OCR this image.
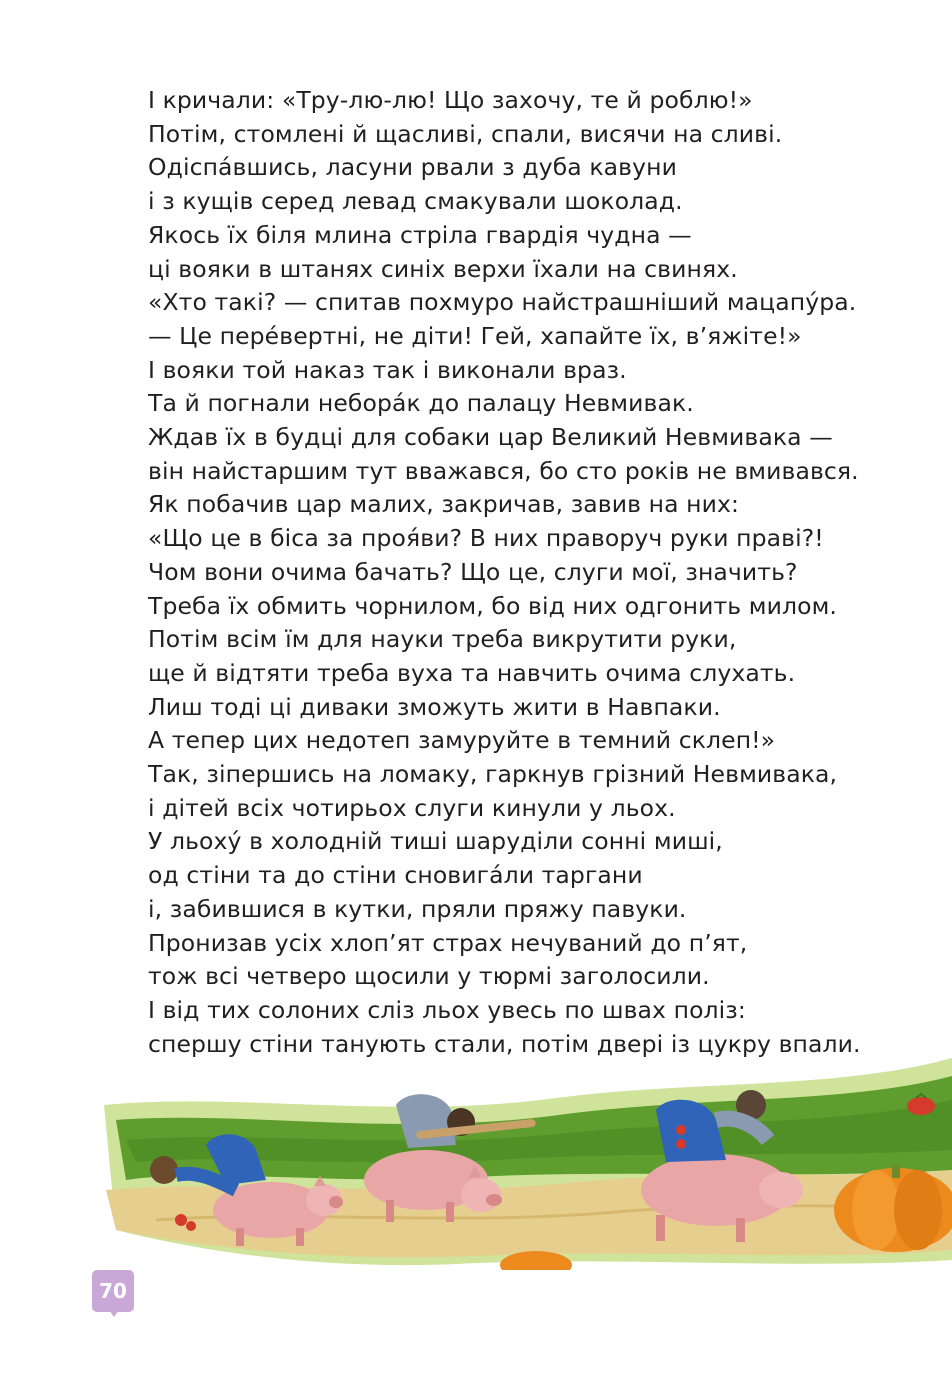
І кричали: «Тру-лю-лю! Що захочу, те й роблю!»
Потім, стомлені й щасливі, спали, висячи на сливі.
Одіспа́вшись, ласуни рвали з дуба кавуни
і з кущів серед левад смакували шоколад.
Якось їх біля млина стріла гвардія чудна —
ці вояки в штанях синіх верхи їхали на свинях.
«Хто такі? — спитав похмуро найстрашніший мацапу́ра.
— Це пере́вертні, не діти! Гей, хапайте їх, в’яжіте!»
І вояки той наказ так і виконали враз.
Та й погнали небора́к до палацу Невмивак.
Ждав їх в будці для собаки цар Великий Невмивака —
він найстаршим тут вважався, бо сто років не вмивався.
Як побачив цар малих, закричав, завив на них:
«Що це в біса за проя́ви? В них праворуч руки праві?!
Чом вони очима бачать? Що це, слуги мої, значить?
Треба їх обмить чорнилом, бо від них одгонить милом.
Потім всім їм для науки треба викрутити руки,
ще й відтяти треба вуха та навчить очима слухать.
Лиш тоді ці диваки зможуть жити в Навпаки.
А тепер цих недотеп замуруйте в темний склеп!»
Так, зіпершись на ломаку, гаркнув грізний Невмивака,
і дітей всіх чотирьох слуги кинули у льох.
У льоху́ в холодній тиші шаруділи сонні миші,
од стіни та до стіни сновига́ли таргани
і, забившися в кутки, пряли пряжу павуки.
Пронизав усіх хлоп’ят страх нечуваний до п’ят,
тож всі четверо щосили у тюрмі заголосили.
І від тих солоних сліз льох увесь по швах поліз:
спершу стіни танують стали, потім двері із цукру впали.
70
